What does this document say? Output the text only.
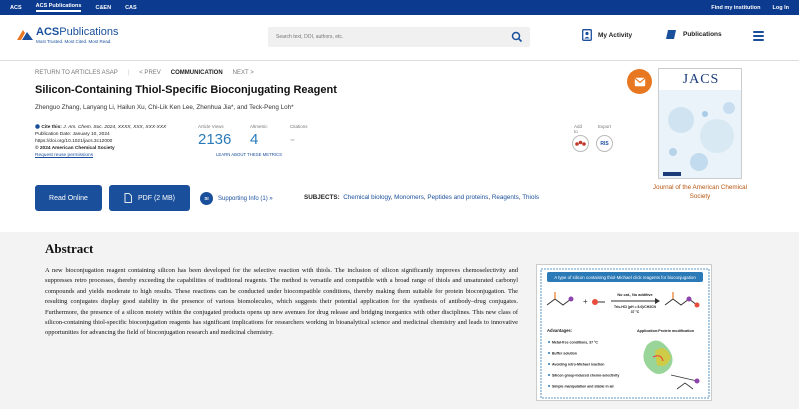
ACS	ACS Publications	C&EN	CAS	Find my institution Log In
ACSPublications
Most Trusted. Most Cited. Most Read.
Search text, DOI, authors, etc.
My Activity	Publications
RETURN TO ARTICLES ASAP | < PREV COMMUNICATION NEXT >
Silicon-Containing Thiol-Specific Bioconjugating Reagent
Zhenguo Zhang, Lanyang Li, Hailun Xu, Chi-Lik Ken Lee, Zhenhua Jia*, and Teck-Peng Loh*
Cite this: J. Am. Chem. Soc. 2024, XXXX, XXX, XXX-XXX
Publication Date: January 10, 2024
https://doi.org/10.1021/jacs.3c12000
© 2024 American Chemical Society
Request reuse permissions
Article Views
2136
Altmetric
4
Citations
-
LEARN ABOUT THESE METRICS
Add to
Export
RIS
Read Online	PDF (2 MB)	SI	Supporting Info (1) »	SUBJECTS: Chemical biology, Monomers, Peptides and proteins, Reagents, Thiols
JACS
Journal of the American Chemical Society
Abstract
A new bioconjugation reagent containing silicon has been developed for the selective reaction with thiols. The inclusion of silicon significantly improves chemoselectivity and suppresses retro processes, thereby exceeding the capabilities of traditional reagents. The method is versatile and compatible with a broad range of thiols and unsaturated carbonyl compounds and yields moderate to high results. These reactions can be conducted under biocompatible conditions, thereby making them suitable for protein bioconjugation. The resulting conjugates display good stability in the presence of various biomolecules, which suggests their potential application for the synthesis of antibody–drug conjugates. Furthermore, the presence of a silicon moiety within the conjugated products opens up new avenues for drug release and bridging inorganics with other disciplines. This new class of silicon-containing thiol-specific bioconjugation reagents has significant implications for researchers working in bioanalytical science and medicinal chemistry and leads to innovative opportunities for advancing the field of bioconjugation research and medicinal chemistry.
A type of silicon containing thiol-Michael click reagents for bioconjugation
+
No cat., No additive
Tris-HCl (pH = 8.0)/CH3CN
37 °C
Advantages:
Metal-free conditions, 37 °C
Buffer solution
Avoiding retro-Michael reaction
Silicon group-induced chemo-selectivity
Simple manipulation and stable in air
Application:Protein modification
